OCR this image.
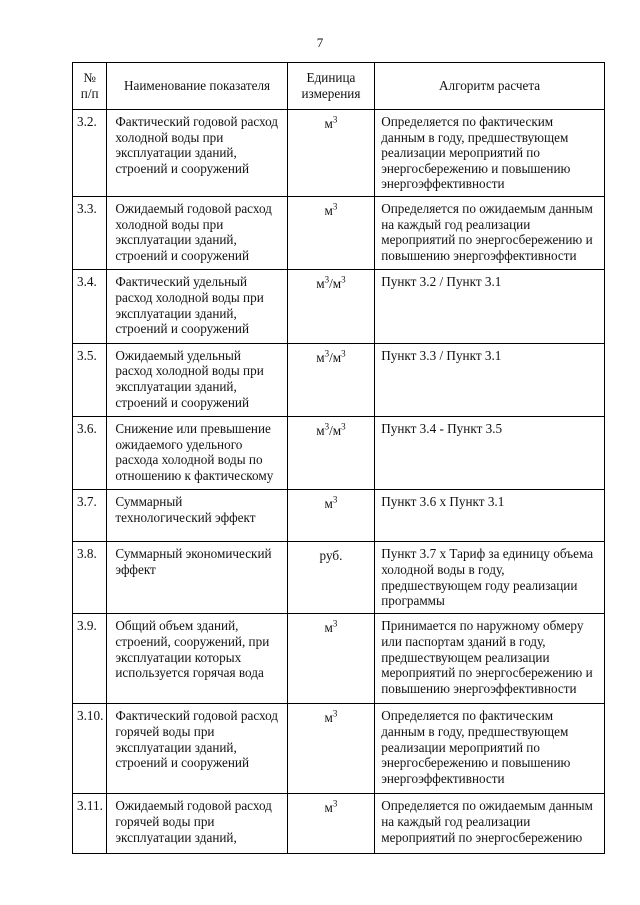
7
№ п/п	Наименование показателя	Единица измерения	Алгоритм расчета
3.2.	Фактический годовой расход холодной воды при эксплуатации зданий, строений и сооружений	$м^3$	Определяется по фактическим данным в году, предшествующем реализации мероприятий по энергосбережению и повышению энергоэффективности
3.3.	Ожидаемый годовой расход холодной воды при эксплуатации зданий, строений и сооружений	$м^3$	Определяется по ожидаемым данным на каждый год реализации мероприятий по энергосбережению и повышению энергоэффективности
3.4.	Фактический удельный расход холодной воды при эксплуатации зданий, строений и сооружений	$м^3/м^3$	Пункт 3.2 / Пункт 3.1
3.5.	Ожидаемый удельный расход холодной воды при эксплуатации зданий, строений и сооружений	$м^3/м^3$	Пункт 3.3 / Пункт 3.1
3.6.	Снижение или превышение ожидаемого удельного расхода холодной воды по отношению к фактическому	$м^3/м^3$	Пункт 3.4 - Пункт 3.5
3.7.	Суммарный технологический эффект	$м^3$	Пункт 3.6 x Пункт 3.1
3.8.	Суммарный экономический эффект	руб.	Пункт 3.7 x Тариф за единицу объема холодной воды в году, предшествующем году реализации программы
3.9.	Общий объем зданий, строений, сооружений, при эксплуатации которых используется горячая вода	$м^3$	Принимается по наружному обмеру или паспортам зданий в году, предшествующем реализации мероприятий по энергосбережению и повышению энергоэффективности
3.10.	Фактический годовой расход горячей воды при эксплуатации зданий, строений и сооружений	$м^3$	Определяется по фактическим данным в году, предшествующем реализации мероприятий по энергосбережению и повышению энергоэффективности
3.11.	Ожидаемый годовой расход горячей воды при эксплуатации зданий,	$м^3$	Определяется по ожидаемым данным на каждый год реализации мероприятий по энергосбережению
